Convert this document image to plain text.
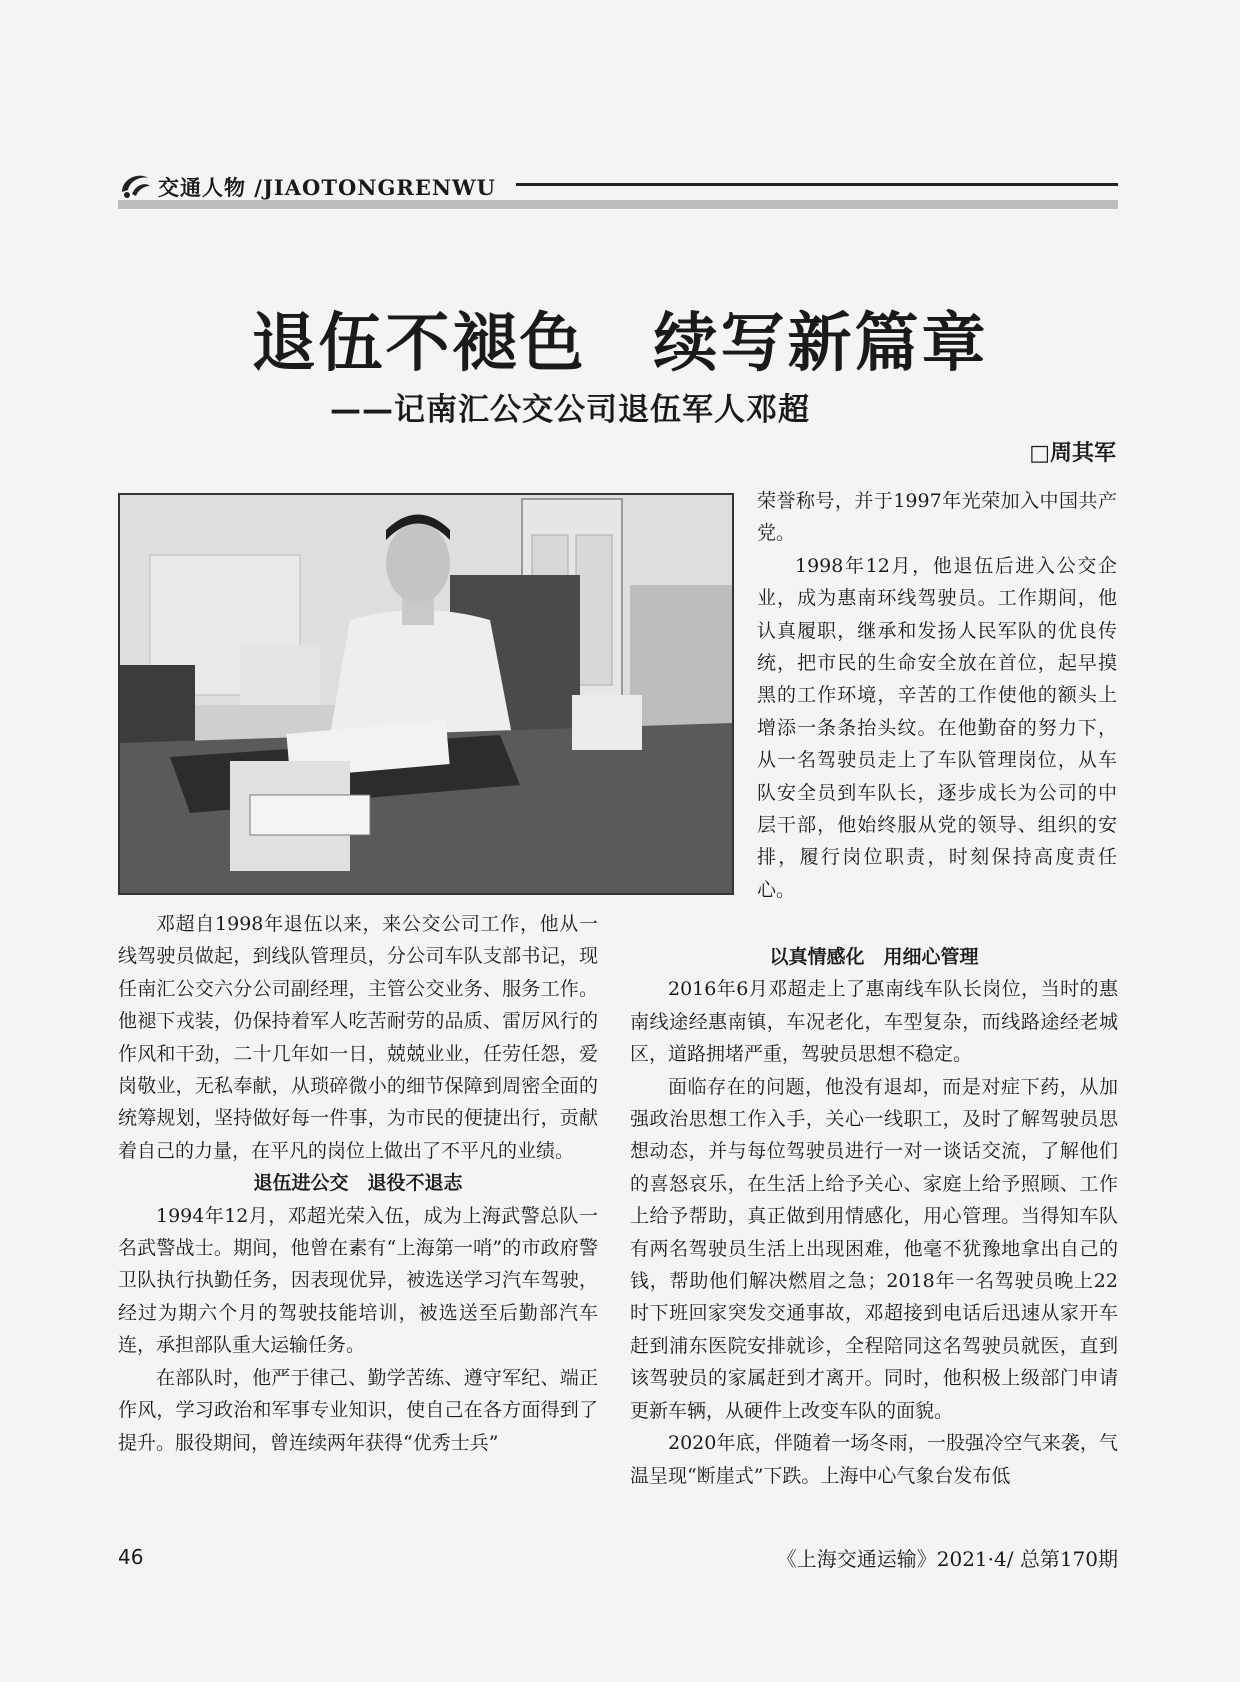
交通人物 /JIAOTONGRENWU
退伍不褪色　续写新篇章
——记南汇公交公司退伍军人邓超
□周其军

邓超自1998年退伍以来，来公交公司工作，他从一线驾驶员做起，到线队管理员，分公司车队支部书记，现任南汇公交六分公司副经理，主管公交业务、服务工作。他褪下戎装，仍保持着军人吃苦耐劳的品质、雷厉风行的作风和干劲，二十几年如一日，兢兢业业，任劳任怨，爱岗敬业，无私奉献，从琐碎微小的细节保障到周密全面的统筹规划，坚持做好每一件事，为市民的便捷出行，贡献着自己的力量，在平凡的岗位上做出了不平凡的业绩。

退伍进公交　退役不退志

1994年12月，邓超光荣入伍，成为上海武警总队一名武警战士。期间，他曾在素有“上海第一哨”的市政府警卫队执行执勤任务，因表现优异，被选送学习汽车驾驶，经过为期六个月的驾驶技能培训，被选送至后勤部汽车连，承担部队重大运输任务。

在部队时，他严于律己、勤学苦练、遵守军纪、端正作风，学习政治和军事专业知识，使自己在各方面得到了提升。服役期间，曾连续两年获得“优秀士兵”

荣誉称号，并于1997年光荣加入中国共产党。

1998年12月，他退伍后进入公交企业，成为惠南环线驾驶员。工作期间，他认真履职，继承和发扬人民军队的优良传统，把市民的生命安全放在首位，起早摸黑的工作环境，辛苦的工作使他的额头上增添一条条抬头纹。在他勤奋的努力下，从一名驾驶员走上了车队管理岗位，从车队安全员到车队长，逐步成长为公司的中层干部，他始终服从党的领导、组织的安排，履行岗位职责，时刻保持高度责任心。

以真情感化　用细心管理

2016年6月邓超走上了惠南线车队长岗位，当时的惠南线途经惠南镇，车况老化，车型复杂，而线路途经老城区，道路拥堵严重，驾驶员思想不稳定。

面临存在的问题，他没有退却，而是对症下药，从加强政治思想工作入手，关心一线职工，及时了解驾驶员思想动态，并与每位驾驶员进行一对一谈话交流，了解他们的喜怒哀乐，在生活上给予关心、家庭上给予照顾、工作上给予帮助，真正做到用情感化，用心管理。当得知车队有两名驾驶员生活上出现困难，他毫不犹豫地拿出自己的钱，帮助他们解决燃眉之急；2018年一名驾驶员晚上22时下班回家突发交通事故，邓超接到电话后迅速从家开车赶到浦东医院安排就诊，全程陪同这名驾驶员就医，直到该驾驶员的家属赶到才离开。同时，他积极上级部门申请更新车辆，从硬件上改变车队的面貌。

2020年底，伴随着一场冬雨，一股强冷空气来袭，气温呈现“断崖式”下跌。上海中心气象台发布低

46	《上海交通运输》2021·4/ 总第170期
